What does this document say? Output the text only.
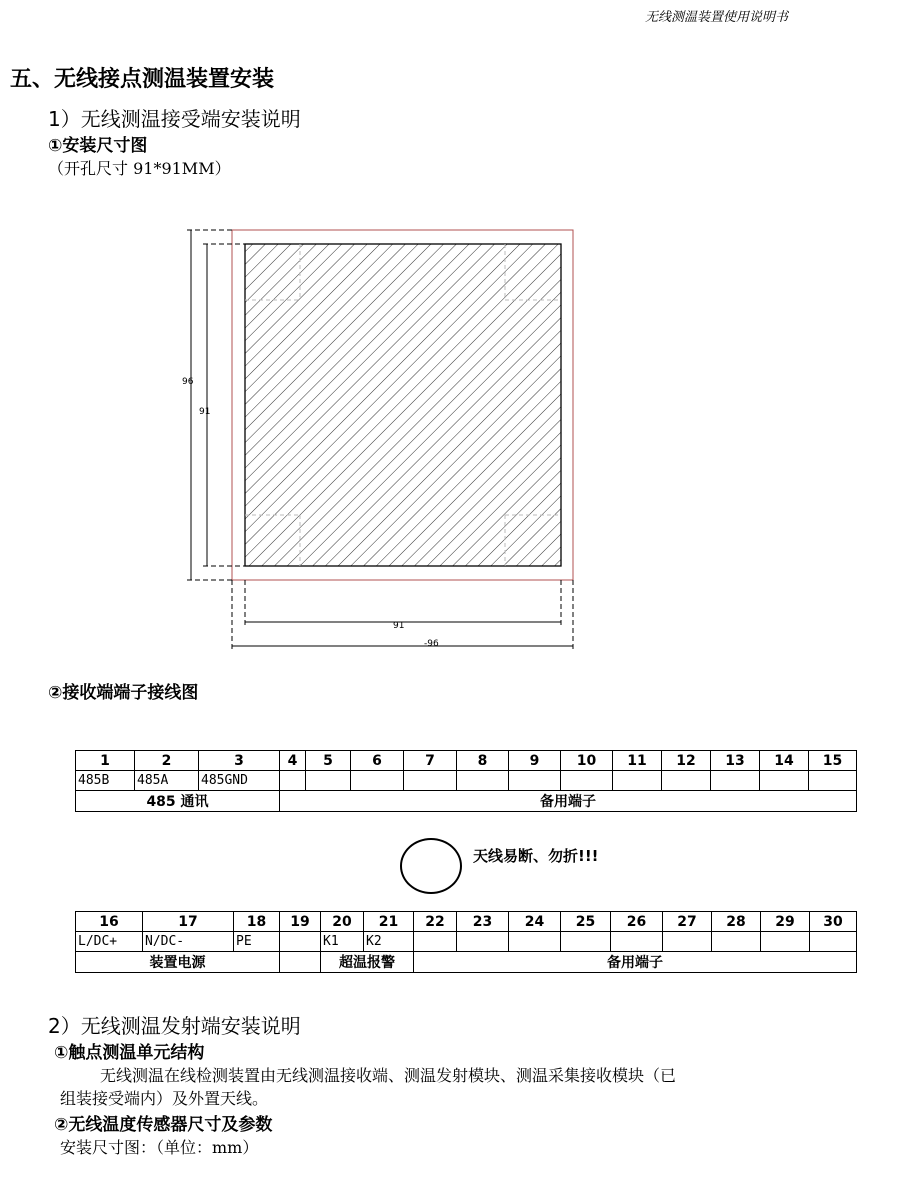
无线测温装置使用说明书
五、无线接点测温装置安装
1）无线测温接受端安装说明
①安装尺寸图
（开孔尺寸 91*91MM）
96
91
91
-96
②接收端端子接线图
1	2	3	4	5	6	7	8	9	10	11	12	13	14	15
485B	485A	485GND												
485 通讯			备用端子											
天线易断、勿折!!!
16	17	18	19	20	21	22	23	24	25	26	27	28	29	30
L/DC+	N/DC-	PE		K1	K2									
装置电源				超温报警		备用端子								
2）无线测温发射端安装说明
①触点测温单元结构
无线测温在线检测装置由无线测温接收端、测温发射模块、测温采集接收模块（已
组装接受端内）及外置天线。
②无线温度传感器尺寸及参数
安装尺寸图：（单位：mm）
